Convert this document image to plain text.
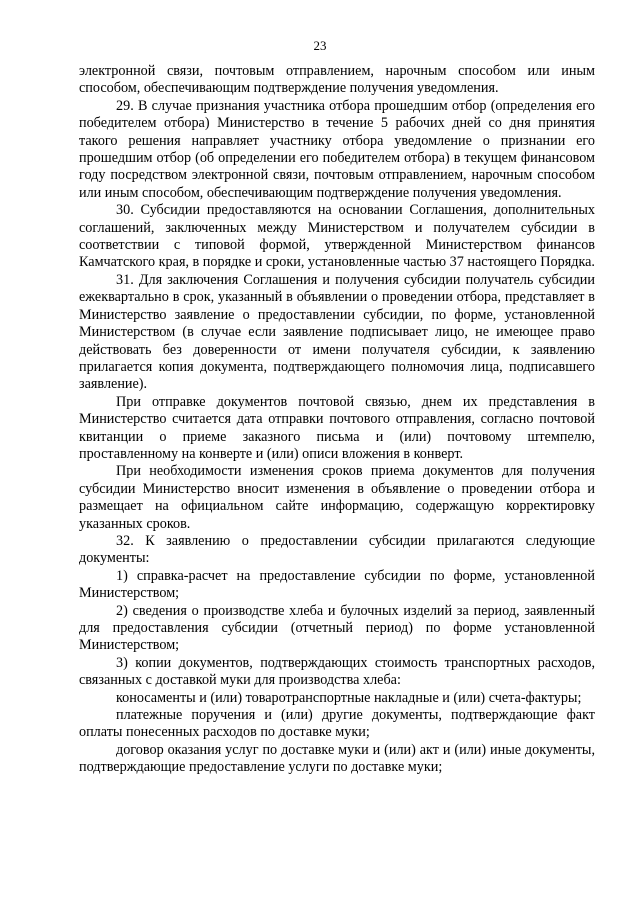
23

электронной связи, почтовым отправлением, нарочным способом или иным способом, обеспечивающим подтверждение получения уведомления.

29. В случае признания участника отбора прошедшим отбор (определения его победителем отбора) Министерство в течение 5 рабочих дней со дня принятия такого решения направляет участнику отбора уведомление о признании его прошедшим отбор (об определении его победителем отбора) в текущем финансовом году посредством электронной связи, почтовым отправлением, нарочным способом или иным способом, обеспечивающим подтверждение получения уведомления.

30. Субсидии предоставляются на основании Соглашения, дополнительных соглашений, заключенных между Министерством и получателем субсидии в соответствии с типовой формой, утвержденной Министерством финансов Камчатского края, в порядке и сроки, установленные частью 37 настоящего Порядка.

31. Для заключения Соглашения и получения субсидии получатель субсидии ежеквартально в срок, указанный в объявлении о проведении отбора, представляет в Министерство заявление о предоставлении субсидии, по форме, установленной Министерством (в случае если заявление подписывает лицо, не имеющее право действовать без доверенности от имени получателя субсидии, к заявлению прилагается копия документа, подтверждающего полномочия лица, подписавшего заявление).

При отправке документов почтовой связью, днем их представления в Министерство считается дата отправки почтового отправления, согласно почтовой квитанции о приеме заказного письма и (или) почтовому штемпелю, проставленному на конверте и (или) описи вложения в конверт.

При необходимости изменения сроков приема документов для получения субсидии Министерство вносит изменения в объявление о проведении отбора и размещает на официальном сайте информацию, содержащую корректировку указанных сроков.

32. К заявлению о предоставлении субсидии прилагаются следующие документы:

1) справка-расчет на предоставление субсидии по форме, установленной Министерством;

2) сведения о производстве хлеба и булочных изделий за период, заявленный для предоставления субсидии (отчетный период) по форме установленной Министерством;

3) копии документов, подтверждающих стоимость транспортных расходов, связанных с доставкой муки для производства хлеба:

коносаменты и (или) товаротранспортные накладные и (или) счета-фактуры;

платежные поручения и (или) другие документы, подтверждающие факт оплаты понесенных расходов по доставке муки;

договор оказания услуг по доставке муки и (или) акт и (или) иные документы, подтверждающие предоставление услуги по доставке муки;
